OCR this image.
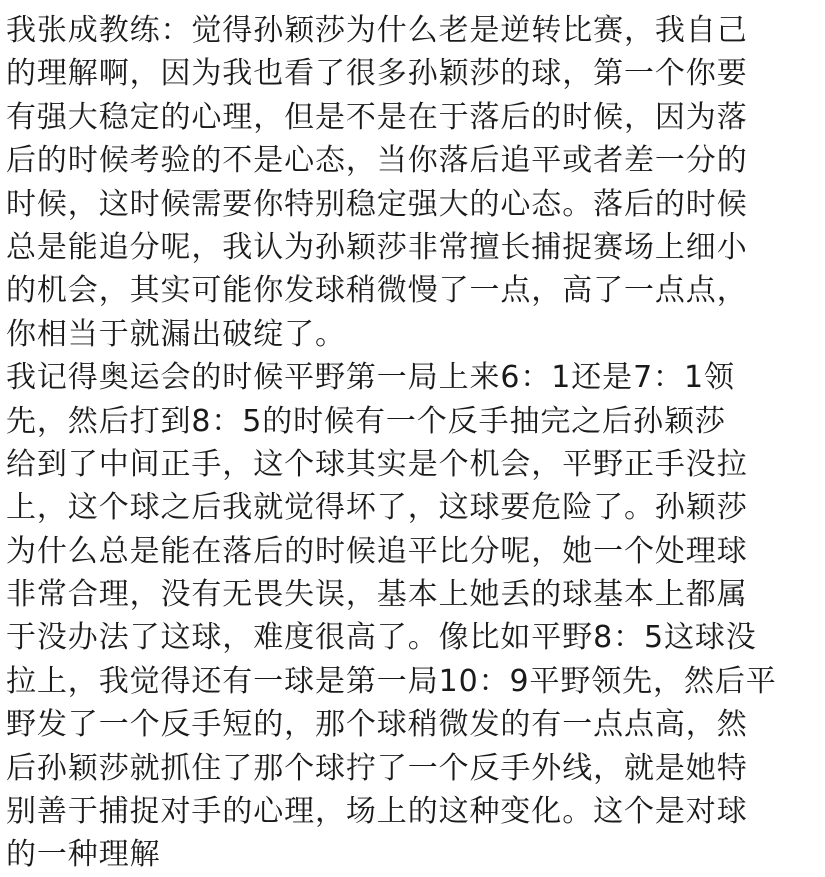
我张成教练：觉得孙颖莎为什么老是逆转比赛，我自己
的理解啊，因为我也看了很多孙颖莎的球，第一个你要
有强大稳定的心理，但是不是在于落后的时候，因为落
后的时候考验的不是心态，当你落后追平或者差一分的
时候，这时候需要你特别稳定强大的心态。落后的时候
总是能追分呢，我认为孙颖莎非常擅长捕捉赛场上细小
的机会，其实可能你发球稍微慢了一点，高了一点点，
你相当于就漏出破绽了。
我记得奥运会的时候平野第一局上来6：1还是7：1领
先，然后打到8：5的时候有一个反手抽完之后孙颖莎
给到了中间正手，这个球其实是个机会，平野正手没拉
上，这个球之后我就觉得坏了，这球要危险了。孙颖莎
为什么总是能在落后的时候追平比分呢，她一个处理球
非常合理，没有无畏失误，基本上她丢的球基本上都属
于没办法了这球，难度很高了。像比如平野8：5这球没
拉上，我觉得还有一球是第一局10：9平野领先，然后平
野发了一个反手短的，那个球稍微发的有一点点高，然
后孙颖莎就抓住了那个球拧了一个反手外线，就是她特
别善于捕捉对手的心理，场上的这种变化。这个是对球
的一种理解
